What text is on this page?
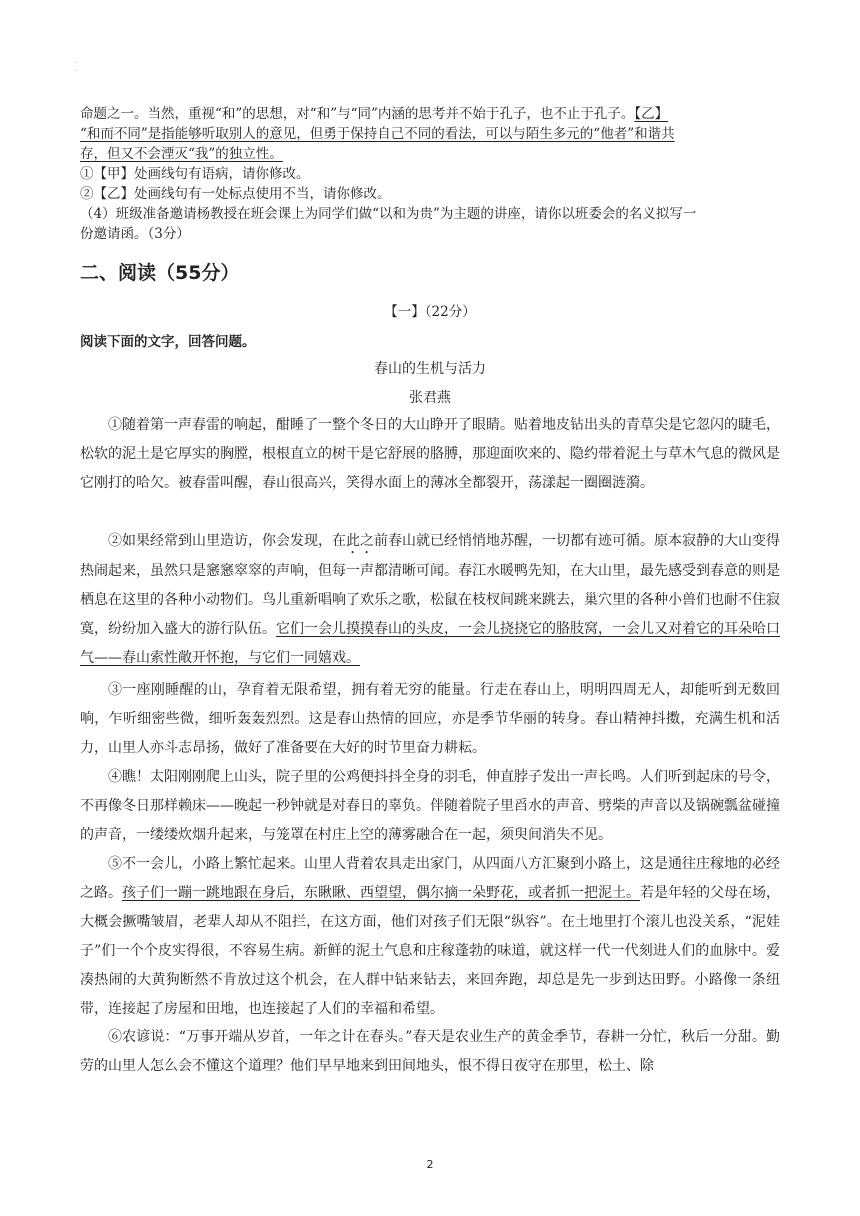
·
·
命题之一。当然，重视“和”的思想，对“和”与“同”内涵的思考并不始于孔子，也不止于孔子。【乙】
“和而不同”是指能够听取别人的意见，但勇于保持自己不同的看法，可以与陌生多元的“他者”和谐共
存，但又不会湮灭“我”的独立性。
①【甲】处画线句有语病，请你修改。
②【乙】处画线句有一处标点使用不当，请你修改。
（4）班级准备邀请杨教授在班会课上为同学们做“以和为贵”为主题的讲座，请你以班委会的名义拟写一
份邀请函。（3分）
二、阅读（55分）
【一】（22分）
阅读下面的文字，回答问题。
春山的生机与活力
张君燕

①随着第一声春雷的响起，酣睡了一整个冬日的大山睁开了眼睛。贴着地皮钻出头的青草尖是它忽闪的睫毛，松软的泥土是它厚实的胸膛，根根直立的树干是它舒展的胳膊，那迎面吹来的、隐约带着泥土与草木气息的微风是它刚打的哈欠。被春雷叫醒，春山很高兴，笑得水面上的薄冰全都裂开，荡漾起一圈圈涟漪。

②如果经常到山里造访，你会发现，在此之前春山就已经悄悄地苏醒，一切都有迹可循。原本寂静的大山变得热闹起来，虽然只是窸窸窣窣的声响，但每一声都清晰可闻。春江水暖鸭先知，在大山里，最先感受到春意的则是栖息在这里的各种小动物们。鸟儿重新唱响了欢乐之歌，松鼠在枝杈间跳来跳去，巢穴里的各种小兽们也耐不住寂寞，纷纷加入盛大的游行队伍。它们一会儿摸摸春山的头皮，一会儿挠挠它的胳肢窝，一会儿又对着它的耳朵哈口气——春山索性敞开怀抱，与它们一同嬉戏。

③一座刚睡醒的山，孕育着无限希望，拥有着无穷的能量。行走在春山上，明明四周无人，却能听到无数回响，乍听细密些微，细听轰轰烈烈。这是春山热情的回应，亦是季节华丽的转身。春山精神抖擞，充满生机和活力，山里人亦斗志昂扬，做好了准备要在大好的时节里奋力耕耘。

④瞧！太阳刚刚爬上山头，院子里的公鸡便抖抖全身的羽毛，伸直脖子发出一声长鸣。人们听到起床的号令，不再像冬日那样赖床——晚起一秒钟就是对春日的辜负。伴随着院子里舀水的声音、劈柴的声音以及锅碗瓢盆碰撞的声音，一缕缕炊烟升起来，与笼罩在村庄上空的薄雾融合在一起，须臾间消失不见。

⑤不一会儿，小路上繁忙起来。山里人背着农具走出家门，从四面八方汇聚到小路上，这是通往庄稼地的必经之路。孩子们一蹦一跳地跟在身后，东瞅瞅、西望望，偶尔摘一朵野花，或者抓一把泥土。若是年轻的父母在场，大概会撅嘴皱眉，老辈人却从不阻拦，在这方面，他们对孩子们无限“纵容”。在土地里打个滚儿也没关系，“泥娃子”们一个个皮实得很，不容易生病。新鲜的泥土气息和庄稼蓬勃的味道，就这样一代一代刻进人们的血脉中。爱凑热闹的大黄狗断然不肯放过这个机会，在人群中钻来钻去，来回奔跑，却总是先一步到达田野。小路像一条纽带，连接起了房屋和田地，也连接起了人们的幸福和希望。

⑥农谚说：“万事开端从岁首，一年之计在春头。”春天是农业生产的黄金季节，春耕一分忙，秋后一分甜。勤劳的山里人怎么会不懂这个道理？他们早早地来到田间地头，恨不得日夜守在那里，松土、除

2
